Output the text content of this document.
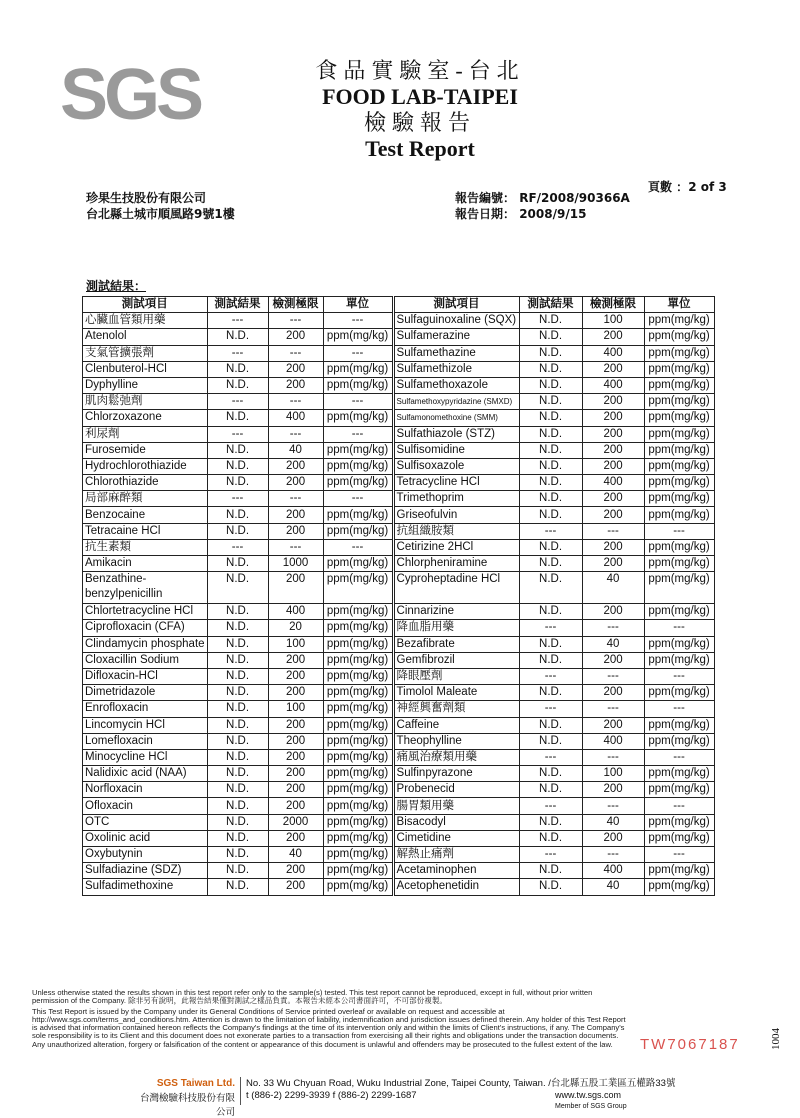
SGS	食品實驗室-台北
FOOD LAB-TAIPEI
檢驗報告
Test Report
頁數 ：2 of 3
珍果生技股份有限公司
台北縣土城市順風路9號1樓
報告編號： RF/2008/90366A
報告日期： 2008/9/15
測試結果：
測試項目	測試結果	檢測極限	單位	測試項目	測試結果	檢測極限	單位
心臟血管類用藥	---	---	---	Sulfaguinoxaline (SQX)	N.D.	100	ppm(mg/kg)
Atenolol	N.D.	200	ppm(mg/kg)	Sulfamerazine	N.D.	200	ppm(mg/kg)
支氣管擴張劑	---	---	---	Sulfamethazine	N.D.	400	ppm(mg/kg)
Clenbuterol-HCl	N.D.	200	ppm(mg/kg)	Sulfamethizole	N.D.	200	ppm(mg/kg)
Dyphylline	N.D.	200	ppm(mg/kg)	Sulfamethoxazole	N.D.	400	ppm(mg/kg)
肌肉鬆弛劑	---	---	---	Sulfamethoxypyridazine (SMXD)	N.D.	200	ppm(mg/kg)
Chlorzoxazone	N.D.	400	ppm(mg/kg)	Sulfamonomethoxine (SMM)	N.D.	200	ppm(mg/kg)
利尿劑	---	---	---	Sulfathiazole (STZ)	N.D.	200	ppm(mg/kg)
Furosemide	N.D.	40	ppm(mg/kg)	Sulfisomidine	N.D.	200	ppm(mg/kg)
Hydrochlorothiazide	N.D.	200	ppm(mg/kg)	Sulfisoxazole	N.D.	200	ppm(mg/kg)
Chlorothiazide	N.D.	200	ppm(mg/kg)	Tetracycline HCl	N.D.	400	ppm(mg/kg)
局部麻醉類	---	---	---	Trimethoprim	N.D.	200	ppm(mg/kg)
Benzocaine	N.D.	200	ppm(mg/kg)	Griseofulvin	N.D.	200	ppm(mg/kg)
Tetracaine HCl	N.D.	200	ppm(mg/kg)	抗組織胺類	---	---	---
抗生素類	---	---	---	Cetirizine 2HCl	N.D.	200	ppm(mg/kg)
Amikacin	N.D.	1000	ppm(mg/kg)	Chlorpheniramine	N.D.	200	ppm(mg/kg)
Benzathine-benzylpenicillin	N.D.	200	ppm(mg/kg)	Cyproheptadine HCl	N.D.	40	ppm(mg/kg)
Chlortetracycline HCl	N.D.	400	ppm(mg/kg)	Cinnarizine	N.D.	200	ppm(mg/kg)
Ciprofloxacin (CFA)	N.D.	20	ppm(mg/kg)	降血脂用藥	---	---	---
Clindamycin phosphate	N.D.	100	ppm(mg/kg)	Bezafibrate	N.D.	40	ppm(mg/kg)
Cloxacillin Sodium	N.D.	200	ppm(mg/kg)	Gemfibrozil	N.D.	200	ppm(mg/kg)
Difloxacin-HCl	N.D.	200	ppm(mg/kg)	降眼壓劑	---	---	---
Dimetridazole	N.D.	200	ppm(mg/kg)	Timolol Maleate	N.D.	200	ppm(mg/kg)
Enrofloxacin	N.D.	100	ppm(mg/kg)	神經興奮劑類	---	---	---
Lincomycin HCl	N.D.	200	ppm(mg/kg)	Caffeine	N.D.	200	ppm(mg/kg)
Lomefloxacin	N.D.	200	ppm(mg/kg)	Theophylline	N.D.	400	ppm(mg/kg)
Minocycline HCl	N.D.	200	ppm(mg/kg)	痛風治療類用藥	---	---	---
Nalidixic acid (NAA)	N.D.	200	ppm(mg/kg)	Sulfinpyrazone	N.D.	100	ppm(mg/kg)
Norfloxacin	N.D.	200	ppm(mg/kg)	Probenecid	N.D.	200	ppm(mg/kg)
Ofloxacin	N.D.	200	ppm(mg/kg)	腸胃類用藥	---	---	---
OTC	N.D.	2000	ppm(mg/kg)	Bisacodyl	N.D.	40	ppm(mg/kg)
Oxolinic acid	N.D.	200	ppm(mg/kg)	Cimetidine	N.D.	200	ppm(mg/kg)
Oxybutynin	N.D.	40	ppm(mg/kg)	解熱止痛劑	---	---	---
Sulfadiazine (SDZ)	N.D.	200	ppm(mg/kg)	Acetaminophen	N.D.	400	ppm(mg/kg)
Sulfadimethoxine	N.D.	200	ppm(mg/kg)	Acetophenetidin	N.D.	40	ppm(mg/kg)

Unless otherwise stated the results shown in this test report refer only to the sample(s) tested. This test report cannot be reproduced, except in full, without prior written permission of the Company. 除非另有說明，此報告結果僅對測試之樣品負責。本報告未經本公司書面許可，不可部份複製。

This Test Report is issued by the Company under its General Conditions of Service printed overleaf or available on request and accessible at http://www.sgs.com/terms_and_conditions.htm. Attention is drawn to the limitation of liability, indemnification and jurisdiction issues defined therein. Any holder of this Test Report is advised that information contained hereon reflects the Company's findings at the time of its intervention only and within the limits of Client's instructions, if any. The Company's sole responsibility is to its Client and this document does not exonerate parties to a transaction from exercising all their rights and obligations under the transaction documents. Any unauthorized alteration, forgery or falsification of the content or appearance of this document is unlawful and offenders may be prosecuted to the fullest extent of the law.	TW7067187	1004
SGS Taiwan Ltd.
台灣檢驗科技股份有限公司
No. 33 Wu Chyuan Road, Wuku Industrial Zone, Taipei County, Taiwan. /台北縣五股工業區五權路33號
t (886-2) 2299-3939 f (886-2) 2299-1687	www.tw.sgs.com
Member of SGS Group
